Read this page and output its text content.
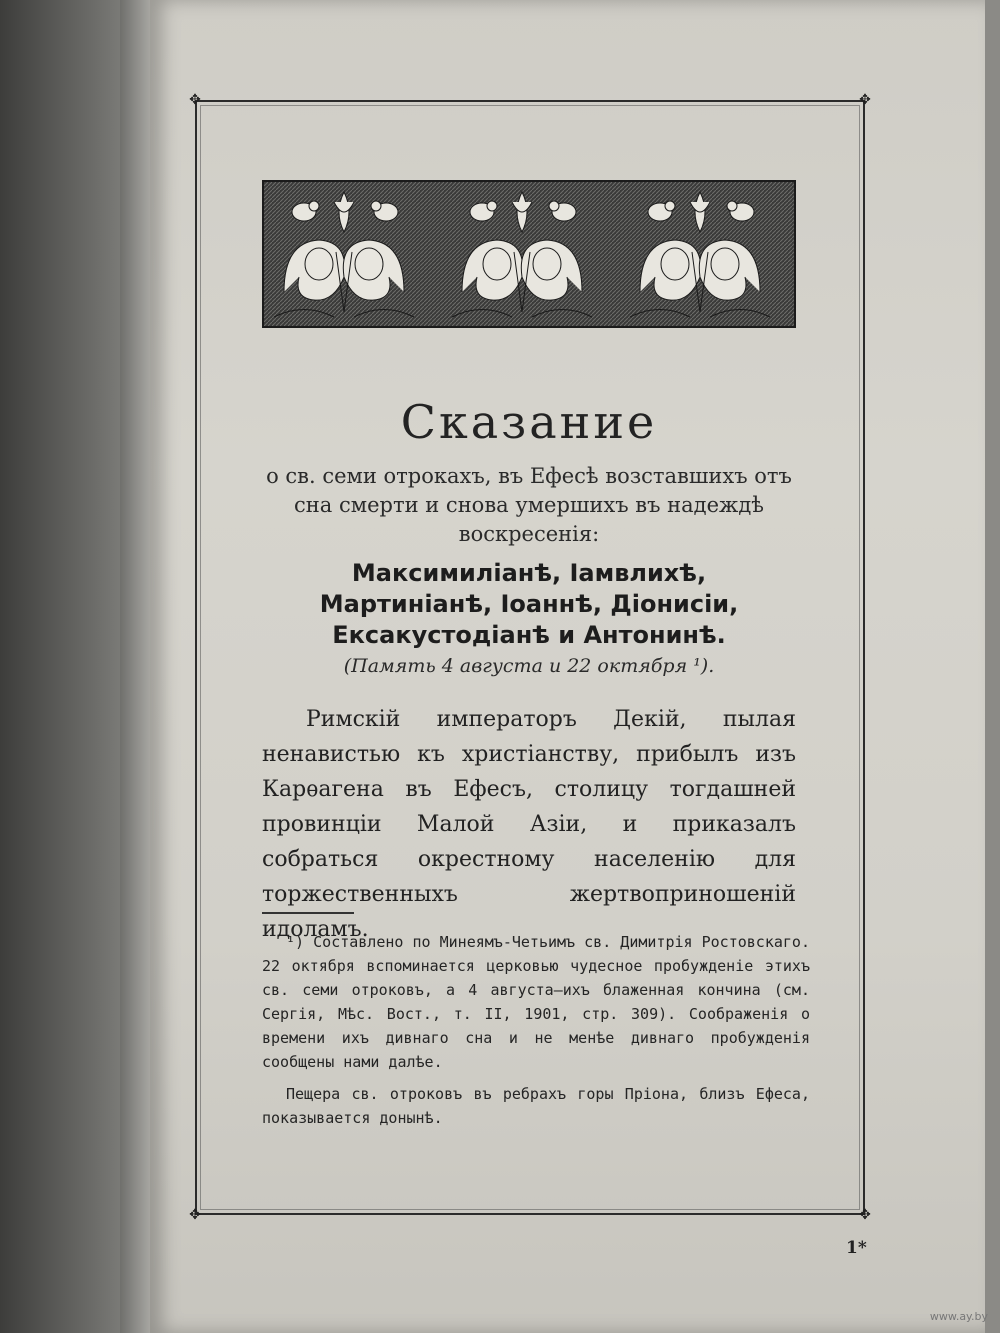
✥	✥
✥	✥
Сказание
о св. семи отрокахъ, въ Ефесѣ возставшихъ отъ сна смерти и снова умершихъ въ надеждѣ воскресенія:
Максимиліанѣ, Іамвлихѣ, Мартиніанѣ, Іоаннѣ, Діонисіи, Ексакустодіанѣ и Антонинѣ.
(Память 4 августа и 22 октября ¹).
Римскій императоръ Декій, пылая ненавистью къ христіанству, прибылъ изъ Карѳагена въ Ефесъ, столицу тогдашней провинціи Малой Азіи, и приказалъ собраться окрестному населенію для торжественныхъ жертвоприношеній идоламъ.

¹) Составлено по Минеямъ-Четьимъ св. Димитрія Ростовскаго. 22 октября вспоминается церковью чудесное пробужденіе этихъ св. семи отроковъ, а 4 августа—ихъ блаженная кончина (см. Сергія, Мѣс. Вост., т. II, 1901, стр. 309). Соображенія о времени ихъ дивнаго сна и не менѣе дивнаго пробужденія сообщены нами далѣе.

Пещера св. отроковъ въ ребрахъ горы Пріона, близъ Ефеса, показывается донынѣ.

1*
www.ay.by
